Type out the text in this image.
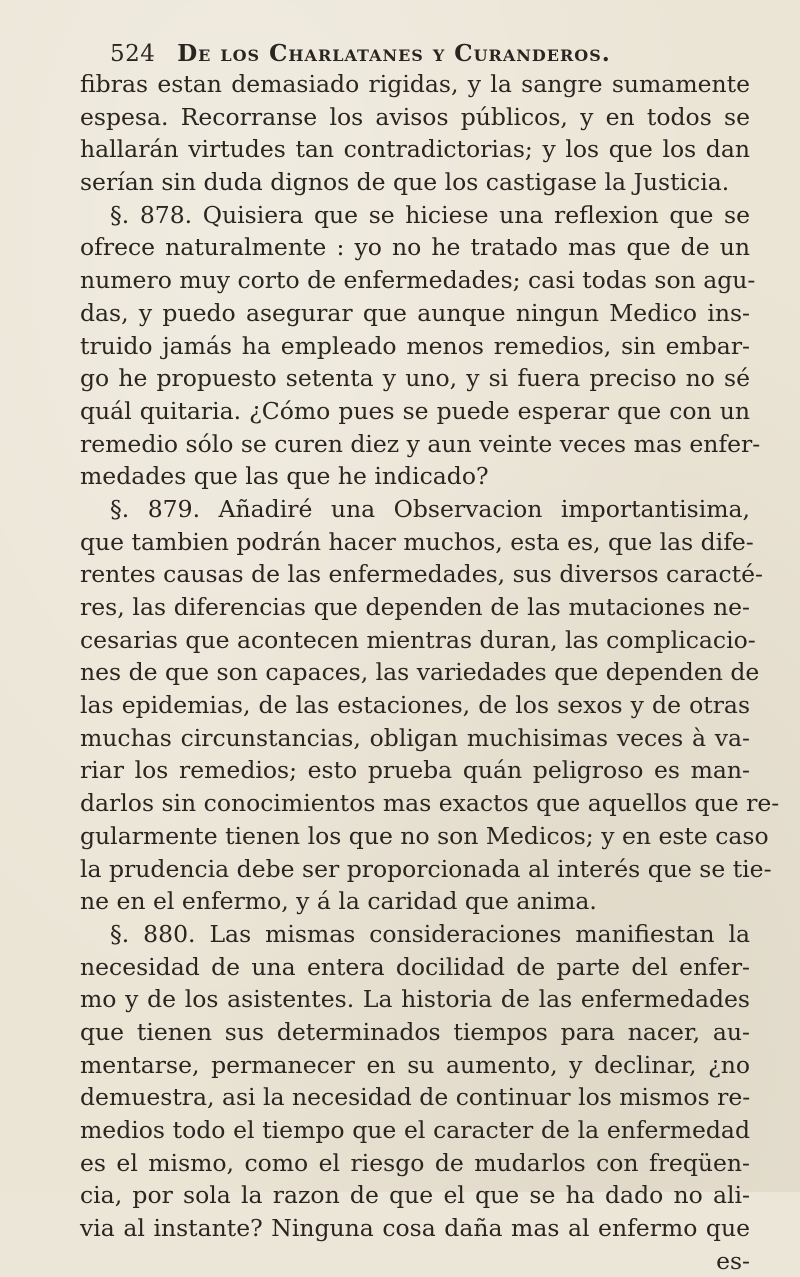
524 De los Charlatanes y Curanderos.
fibras estan demasiado rigidas, y la sangre sumamente
espesa. Recorranse los avisos públicos, y en todos se
hallarán virtudes tan contradictorias; y los que los dan
serían sin duda dignos de que los castigase la Justicia.
§. 878. Quisiera que se hiciese una reflexion que se
ofrece naturalmente : yo no he tratado mas que de un
numero muy corto de enfermedades; casi todas son agu-
das, y puedo asegurar que aunque ningun Medico ins-
truido jamás ha empleado menos remedios, sin embar-
go he propuesto setenta y uno, y si fuera preciso no sé
quál quitaria. ¿Cómo pues se puede esperar que con un
remedio sólo se curen diez y aun veinte veces mas enfer-
medades que las que he indicado?
§. 879. Añadiré una Observacion importantisima,
que tambien podrán hacer muchos, esta es, que las dife-
rentes causas de las enfermedades, sus diversos caracté-
res, las diferencias que dependen de las mutaciones ne-
cesarias que acontecen mientras duran, las complicacio-
nes de que son capaces, las variedades que dependen de
las epidemias, de las estaciones, de los sexos y de otras
muchas circunstancias, obligan muchisimas veces à va-
riar los remedios; esto prueba quán peligroso es man-
darlos sin conocimientos mas exactos que aquellos que re-
gularmente tienen los que no son Medicos; y en este caso
la prudencia debe ser proporcionada al interés que se tie-
ne en el enfermo, y á la caridad que anima.
§. 880. Las mismas consideraciones manifiestan la
necesidad de una entera docilidad de parte del enfer-
mo y de los asistentes. La historia de las enfermedades
que tienen sus determinados tiempos para nacer, au-
mentarse, permanecer en su aumento, y declinar, ¿no
demuestra, asi la necesidad de continuar los mismos re-
medios todo el tiempo que el caracter de la enfermedad
es el mismo, como el riesgo de mudarlos con freqüen-
cia, por sola la razon de que el que se ha dado no ali-
via al instante? Ninguna cosa daña mas al enfermo que
es-
